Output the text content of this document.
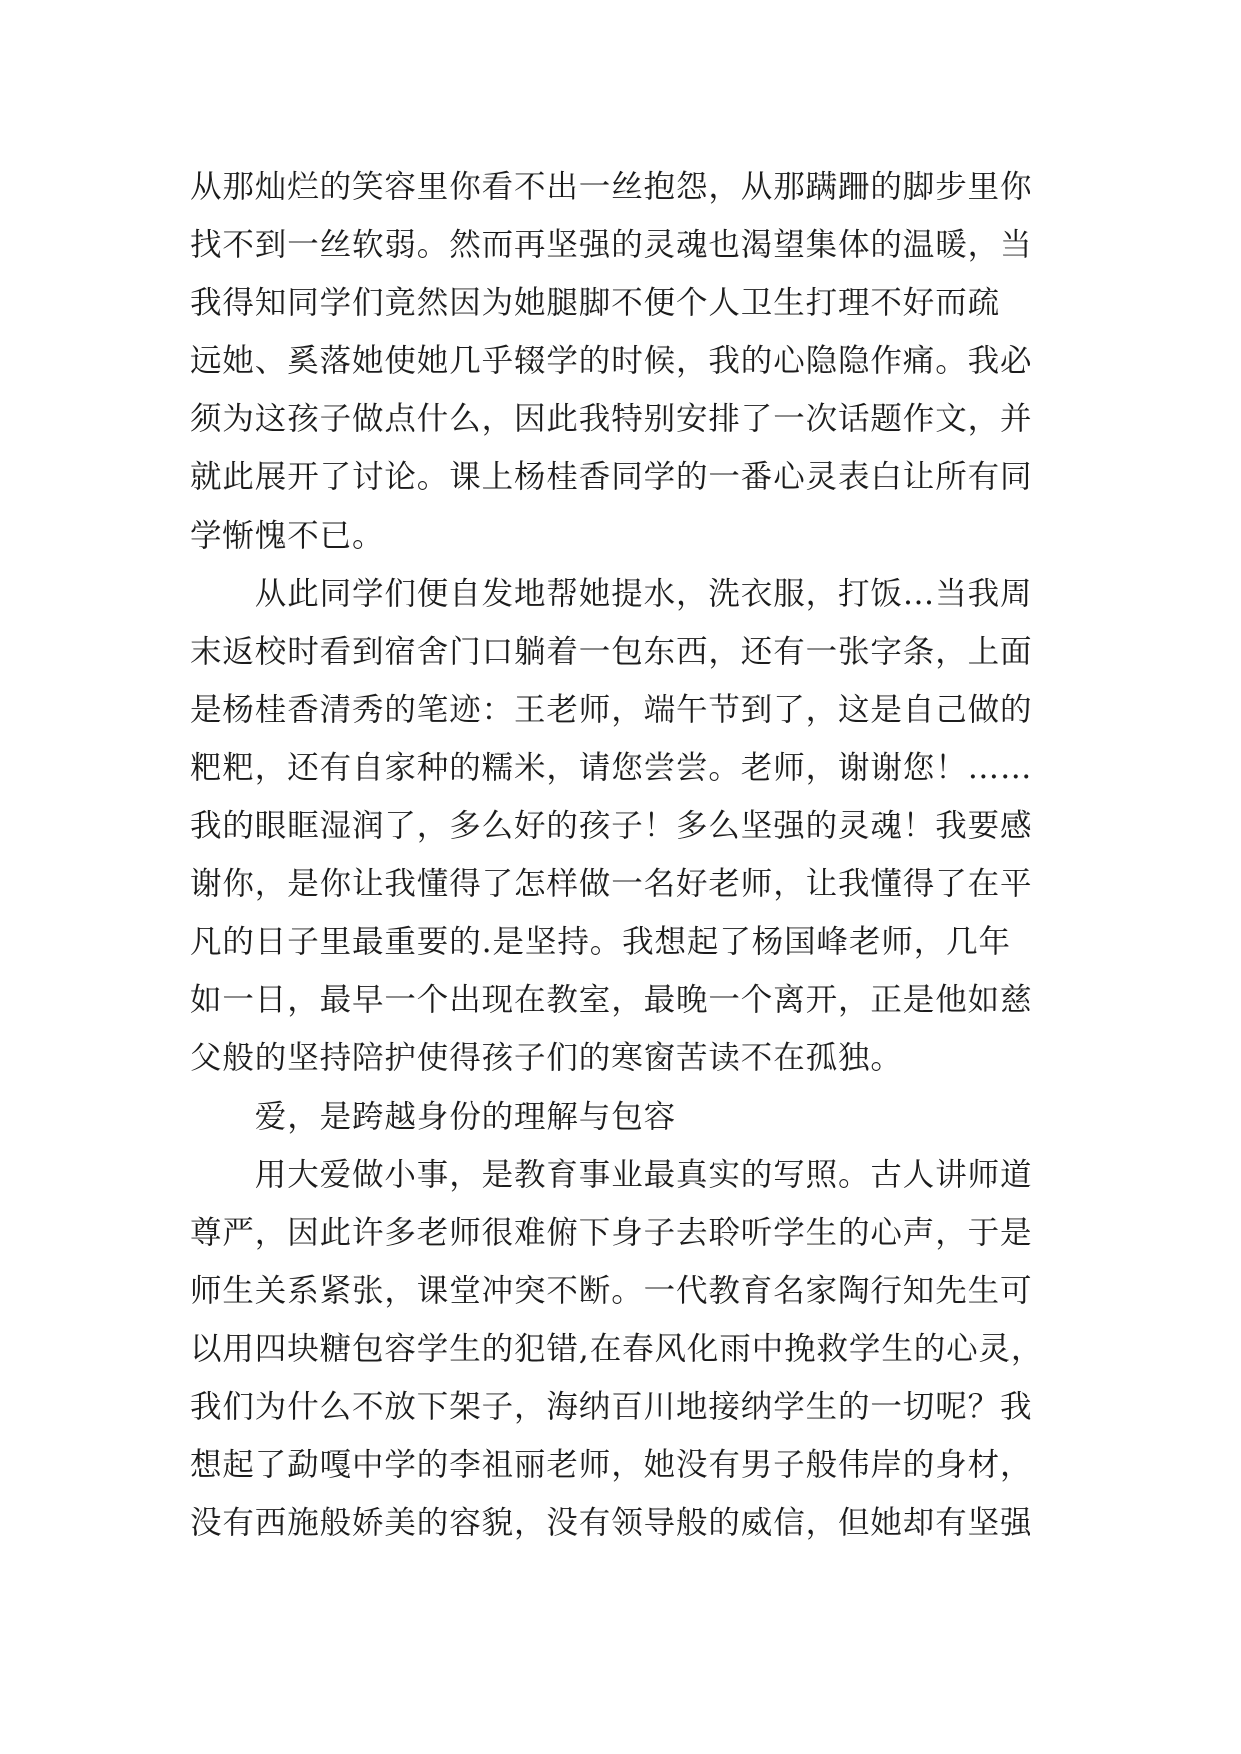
从那灿烂的笑容里你看不出一丝抱怨，从那蹒跚的脚步里你
找不到一丝软弱。然而再坚强的灵魂也渴望集体的温暖，当
我得知同学们竟然因为她腿脚不便个人卫生打理不好而疏
远她、奚落她使她几乎辍学的时候，我的心隐隐作痛。我必
须为这孩子做点什么，因此我特别安排了一次话题作文，并
就此展开了讨论。课上杨桂香同学的一番心灵表白让所有同
学惭愧不已。
　　从此同学们便自发地帮她提水，洗衣服，打饭…当我周
末返校时看到宿舍门口躺着一包东西，还有一张字条，上面
是杨桂香清秀的笔迹：王老师，端午节到了，这是自己做的
粑粑，还有自家种的糯米，请您尝尝。老师，谢谢您！……
我的眼眶湿润了，多么好的孩子！多么坚强的灵魂！我要感
谢你，是你让我懂得了怎样做一名好老师，让我懂得了在平
凡的日子里最重要的.是坚持。我想起了杨国峰老师，几年
如一日，最早一个出现在教室，最晚一个离开，正是他如慈
父般的坚持陪护使得孩子们的寒窗苦读不在孤独。
　　爱，是跨越身份的理解与包容
　　用大爱做小事，是教育事业最真实的写照。古人讲师道
尊严，因此许多老师很难俯下身子去聆听学生的心声，于是
师生关系紧张，课堂冲突不断。一代教育名家陶行知先生可
以用四块糖包容学生的犯错,在春风化雨中挽救学生的心灵，
我们为什么不放下架子，海纳百川地接纳学生的一切呢？我
想起了勐嘎中学的李祖丽老师，她没有男子般伟岸的身材，
没有西施般娇美的容貌，没有领导般的威信，但她却有坚强
